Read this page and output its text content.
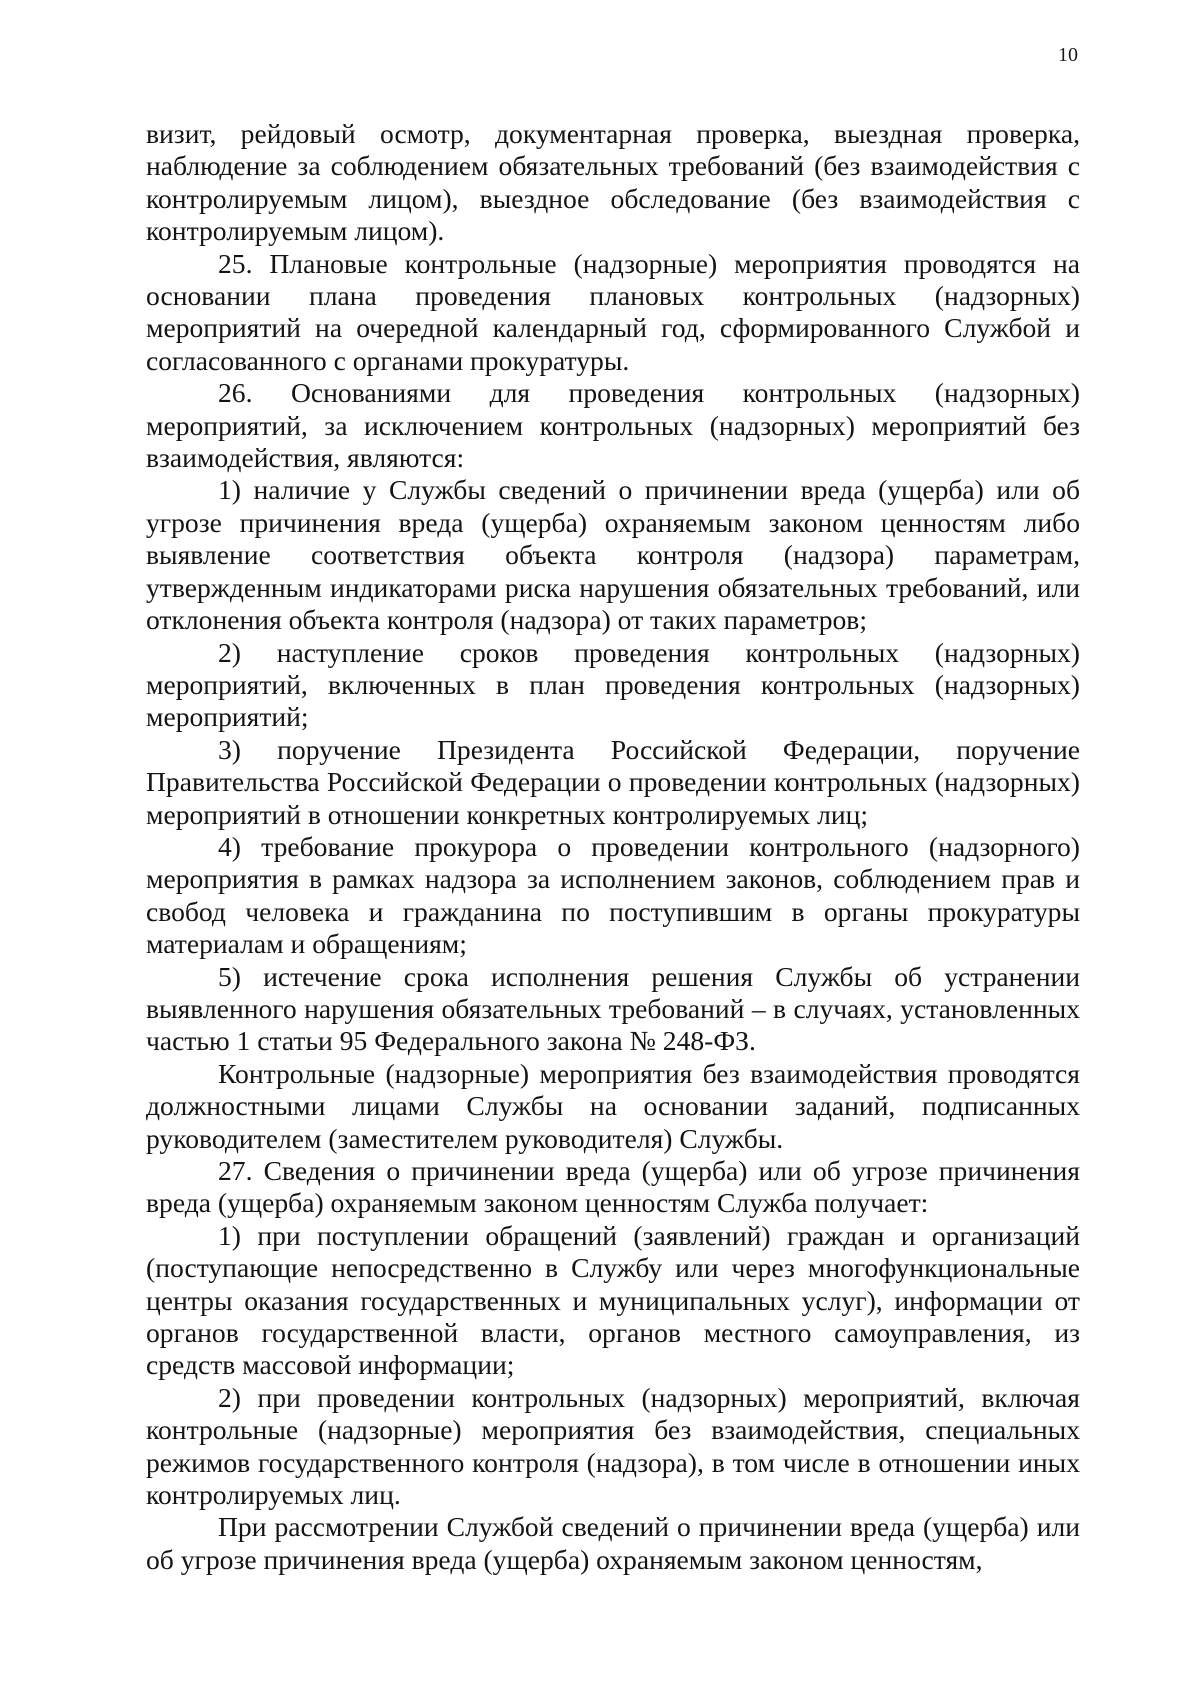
10

визит, рейдовый осмотр, документарная проверка, выездная проверка, наблюдение за соблюдением обязательных требований (без взаимодействия с контролируемым лицом), выездное обследование (без взаимодействия с контролируемым лицом).

25. Плановые контрольные (надзорные) мероприятия проводятся на основании плана проведения плановых контрольных (надзорных) мероприятий на очередной календарный год, сформированного Службой и согласованного с органами прокуратуры.

26. Основаниями для проведения контрольных (надзорных) мероприятий, за исключением контрольных (надзорных) мероприятий без взаимодействия, являются:

1) наличие у Службы сведений о причинении вреда (ущерба) или об угрозе причинения вреда (ущерба) охраняемым законом ценностям либо выявление соответствия объекта контроля (надзора) параметрам, утвержденным индикаторами риска нарушения обязательных требований, или отклонения объекта контроля (надзора) от таких параметров;

2) наступление сроков проведения контрольных (надзорных) мероприятий, включенных в план проведения контрольных (надзорных) мероприятий;

3) поручение Президента Российской Федерации, поручение Правительства Российской Федерации о проведении контрольных (надзорных) мероприятий в отношении конкретных контролируемых лиц;

4) требование прокурора о проведении контрольного (надзорного) мероприятия в рамках надзора за исполнением законов, соблюдением прав и свобод человека и гражданина по поступившим в органы прокуратуры материалам и обращениям;

5) истечение срока исполнения решения Службы об устранении выявленного нарушения обязательных требований – в случаях, установленных частью 1 статьи 95 Федерального закона № 248-ФЗ.

Контрольные (надзорные) мероприятия без взаимодействия проводятся должностными лицами Службы на основании заданий, подписанных руководителем (заместителем руководителя) Службы.

27. Сведения о причинении вреда (ущерба) или об угрозе причинения вреда (ущерба) охраняемым законом ценностям Служба получает:

1) при поступлении обращений (заявлений) граждан и организаций (поступающие непосредственно в Службу или через многофункциональные центры оказания государственных и муниципальных услуг), информации от органов государственной власти, органов местного самоуправления, из средств массовой информации;

2) при проведении контрольных (надзорных) мероприятий, включая контрольные (надзорные) мероприятия без взаимодействия, специальных режимов государственного контроля (надзора), в том числе в отношении иных контролируемых лиц.

При рассмотрении Службой сведений о причинении вреда (ущерба) или об угрозе причинения вреда (ущерба) охраняемым законом ценностям,
